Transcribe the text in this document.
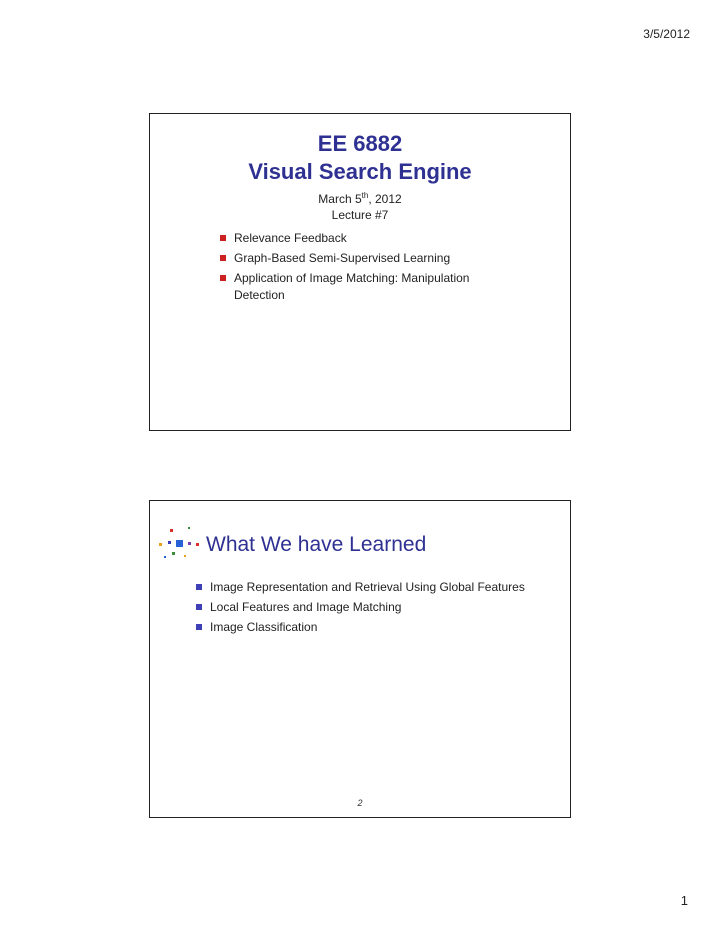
3/5/2012
EE 6882
Visual Search Engine
March 5th, 2012
Lecture #7
Relevance Feedback
Graph-Based Semi-Supervised Learning
Application of Image Matching: Manipulation Detection
What We have Learned
Image Representation and Retrieval Using Global Features
Local Features and Image Matching
Image Classification
2
1
